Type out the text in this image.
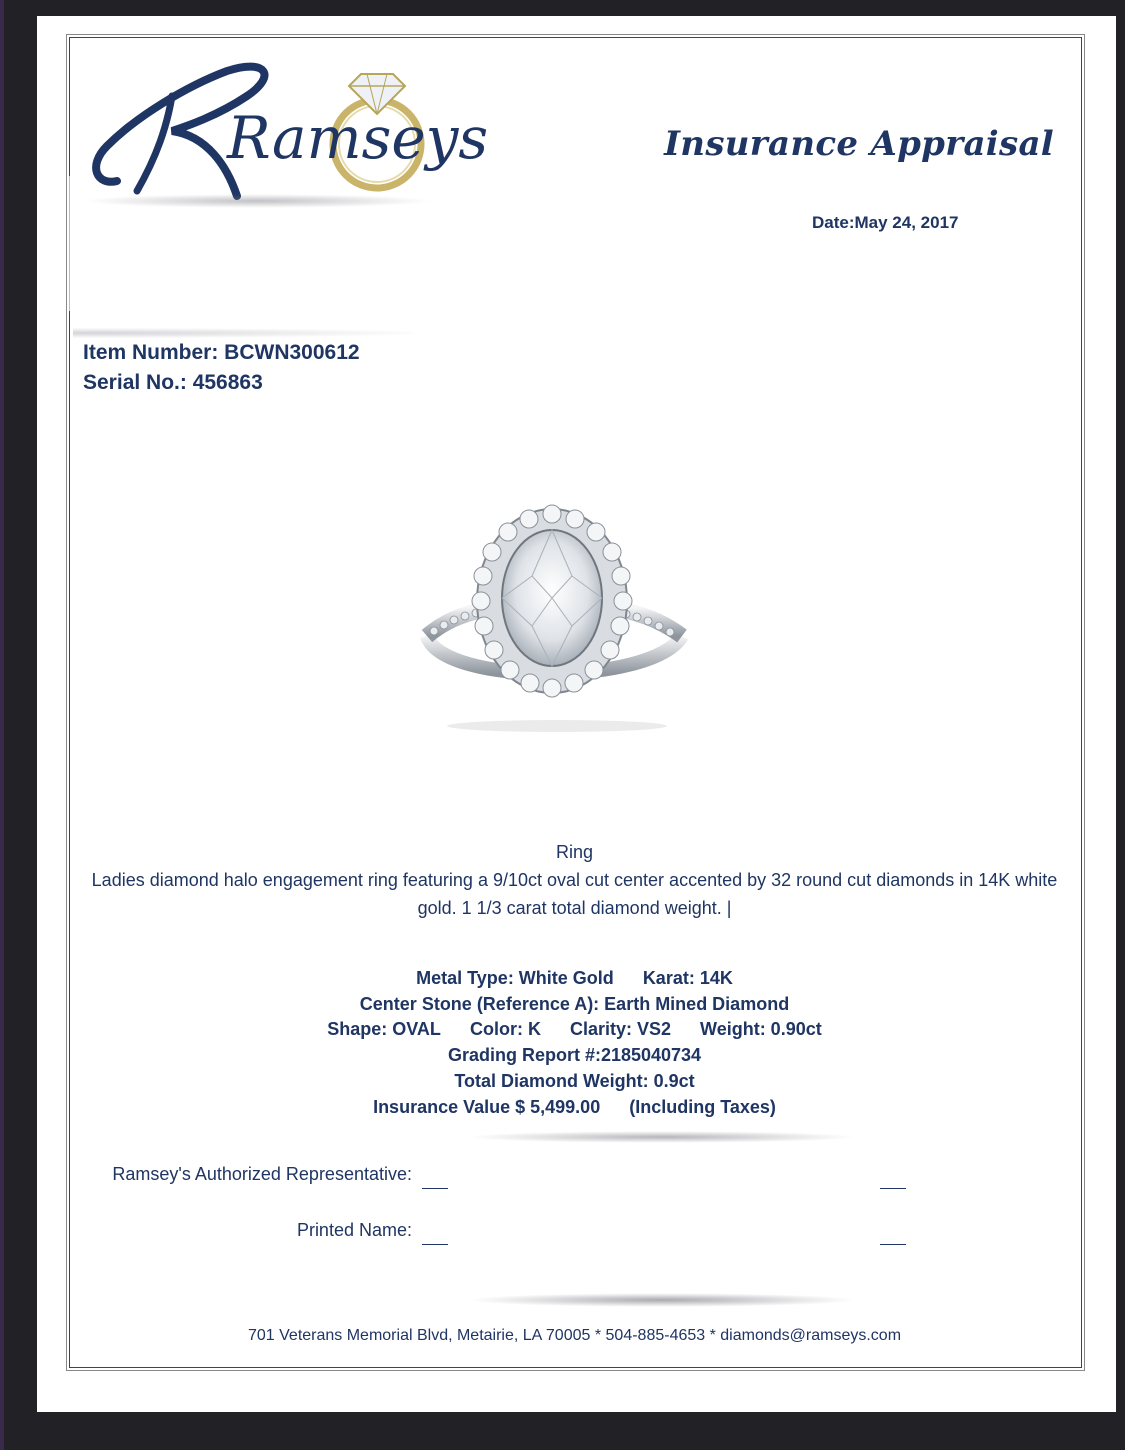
Ramseys	Insurance Appraisal
Date:May 24, 2017
Item Number: BCWN300612
Serial No.: 456863
Ring
Ladies diamond halo engagement ring featuring a 9/10ct oval cut center accented by 32 round cut diamonds in 14K white gold. 1 1/3 carat total diamond weight. |
Metal Type: White Gold Karat: 14K
Center Stone (Reference A): Earth Mined Diamond
Shape: OVAL Color: K Clarity: VS2 Weight: 0.90ct
Grading Report #:2185040734
Total Diamond Weight: 0.9ct
Insurance Value $ 5,499.00 (Including Taxes)
Ramsey's Authorized Representative:
Printed Name:
701 Veterans Memorial Blvd, Metairie, LA 70005 * 504-885-4653 * diamonds@ramseys.com
